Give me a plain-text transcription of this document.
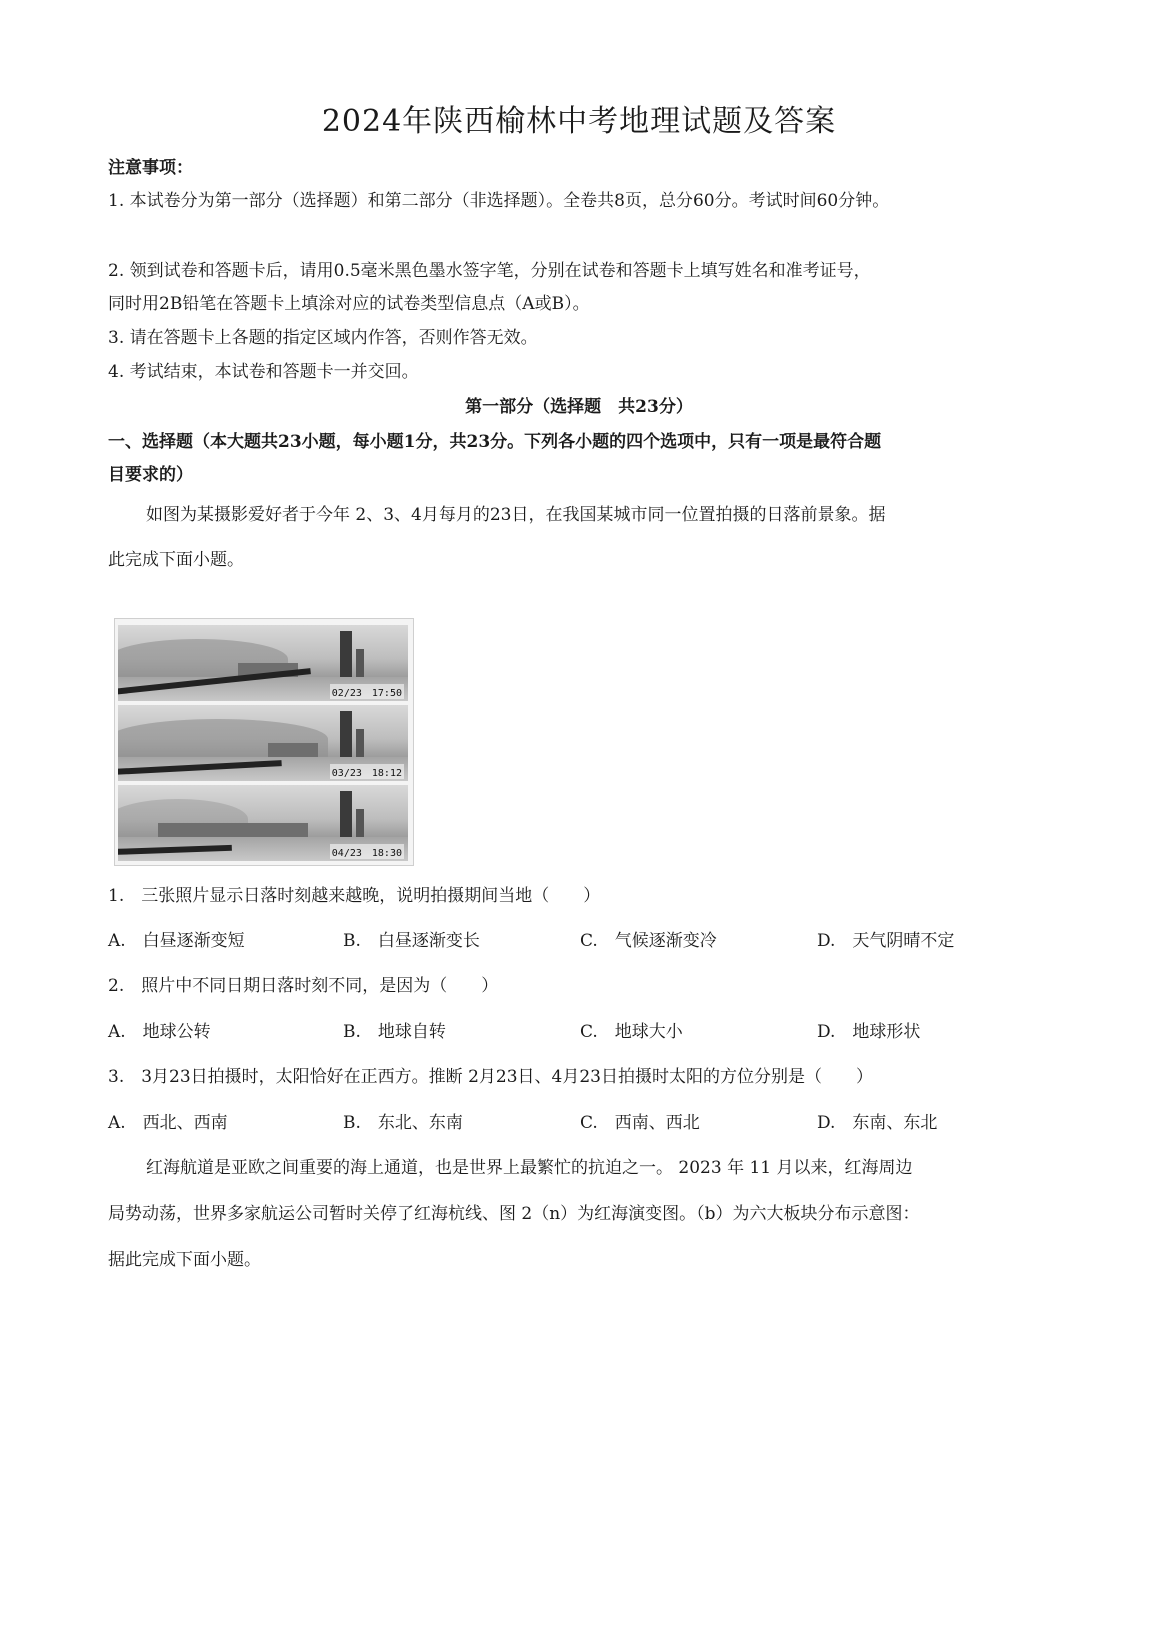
2024年陕西榆林中考地理试题及答案
注意事项：
1. 本试卷分为第一部分（选择题）和第二部分（非选择题）。全卷共8页，总分60分。考试时间60分钟。
2. 领到试卷和答题卡后，请用0.5毫米黑色墨水签字笔，分别在试卷和答题卡上填写姓名和准考证号，
同时用2B铅笔在答题卡上填涂对应的试卷类型信息点（A或B）。
3. 请在答题卡上各题的指定区域内作答，否则作答无效。
4. 考试结束，本试卷和答题卡一并交回。
第一部分（选择题　共23分）
一、选择题（本大题共23小题，每小题1分，共23分。下列各小题的四个选项中，只有一项是最符合题
目要求的）
如图为某摄影爱好者于今年 2、3、4月每月的23日，在我国某城市同一位置拍摄的日落前景象。据
此完成下面小题。
02/23　17:50
03/23　18:12
04/23　18:30
1.　三张照片显示日落时刻越来越晚，说明拍摄期间当地（　　）
A.　白昼逐渐变短	B.　白昼逐渐变长	C.　气候逐渐变冷	D.　天气阴晴不定
2.　照片中不同日期日落时刻不同，是因为（　　）
A.　地球公转	B.　地球自转	C.　地球大小	D.　地球形状
3.　3月23日拍摄时，太阳恰好在正西方。推断 2月23日、4月23日拍摄时太阳的方位分别是（　　）
A.　西北、西南	B.　东北、东南	C.　西南、西北	D.　东南、东北
红海航道是亚欧之间重要的海上通道，也是世界上最繁忙的抗迫之一。 2023 年 11 月以来，红海周边
局势动荡，世界多家航运公司暂时关停了红海杭线、图 2（n）为红海演变图。（b）为六大板块分布示意图：
据此完成下面小题。
